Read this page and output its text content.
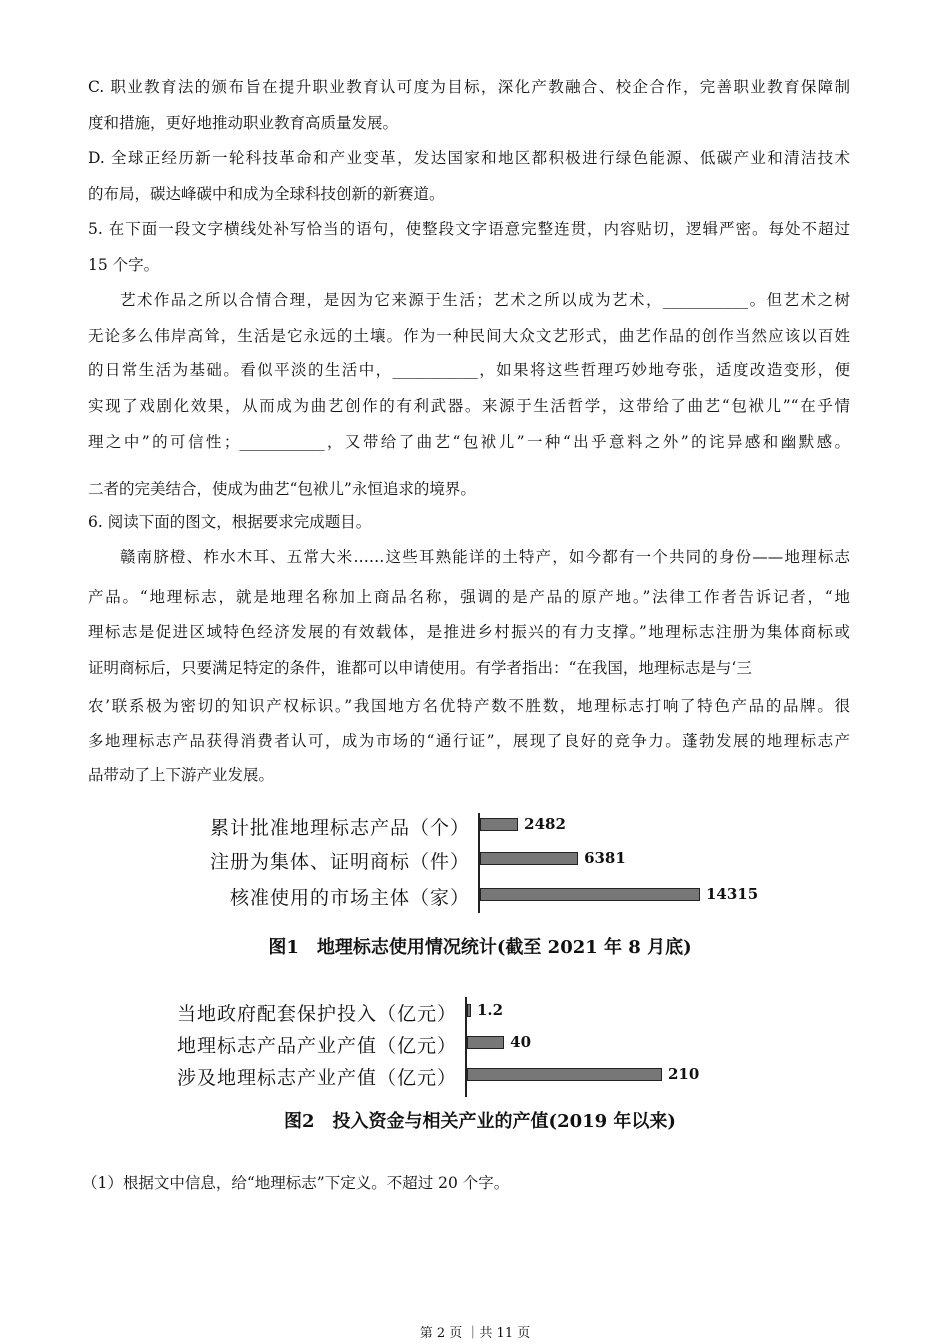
C. 职业教育法的颁布旨在提升职业教育认可度为目标，深化产教融合、校企合作，完善职业教育保障制
度和措施，更好地推动职业教育高质量发展。
D. 全球正经历新一轮科技革命和产业变革，发达国家和地区都积极进行绿色能源、低碳产业和清洁技术
的布局，碳达峰碳中和成为全球科技创新的新赛道。
5. 在下面一段文字横线处补写恰当的语句，使整段文字语意完整连贯，内容贴切，逻辑严密。每处不超过
15 个字。
艺术作品之所以合情合理，是因为它来源于生活；艺术之所以成为艺术，___________。但艺术之树
无论多么伟岸高耸，生活是它永远的土壤。作为一种民间大众文艺形式，曲艺作品的创作当然应该以百姓
的日常生活为基础。看似平淡的生活中，___________，如果将这些哲理巧妙地夸张，适度改造变形，便
实现了戏剧化效果，从而成为曲艺创作的有利武器。来源于生活哲学，这带给了曲艺“包袱儿”“在乎情
理之中”的可信性；___________，又带给了曲艺“包袱儿”一种“出乎意料之外”的诧异感和幽默感。
二者的完美结合，使成为曲艺“包袱儿”永恒追求的境界。
6. 阅读下面的图文，根据要求完成题目。
赣南脐橙、柞水木耳、五常大米……这些耳熟能详的土特产，如今都有一个共同的身份——地理标志
产品。“地理标志，就是地理名称加上商品名称，强调的是产品的原产地。”法律工作者告诉记者，“地
理标志是促进区域特色经济发展的有效载体，是推进乡村振兴的有力支撑。”地理标志注册为集体商标或
证明商标后，只要满足特定的条件，谁都可以申请使用。有学者指出：“在我国，地理标志是与‘三
农’联系极为密切的知识产权标识。”我国地方名优特产数不胜数，地理标志打响了特色产品的品牌。很
多地理标志产品获得消费者认可，成为市场的“通行证”，展现了良好的竞争力。蓬勃发展的地理标志产
品带动了上下游产业发展。
（1）根据文中信息，给“地理标志”下定义。不超过 20 个字。
图1　地理标志使用情况统计(截至 2021 年 8 月底)
累计批准地理标志产品（个）	2482
注册为集体、证明商标（件）	6381
核准使用的市场主体（家）	14315
图2　投入资金与相关产业的产值(2019 年以来)
当地政府配套保护投入（亿元） 1.2
地理标志产品产业产值（亿元）	40
涉及地理标志产业产值（亿元）	210
第 2 页 ｜共 11 页
